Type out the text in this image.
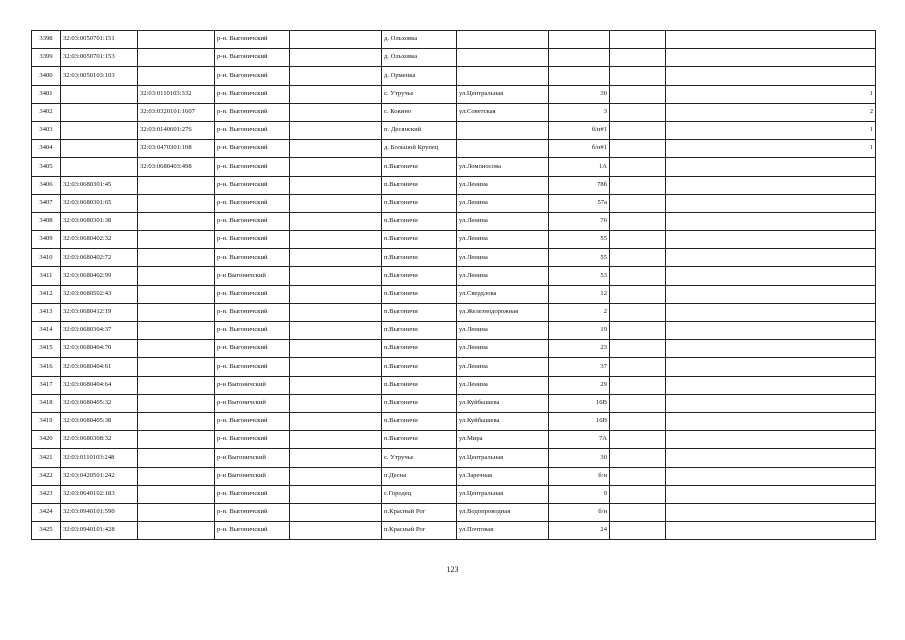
3398	32:03:0050701:151		р-н. Выгоничский		д. Ольховка				
3399	32:03:0050701:153		р-н. Выгоничский		д. Ольховка				
3400	32:03:0050103:103		р-н. Выгоничский		д. Орменка				
3401		32:03:0110103:332	р-н. Выгоничский		с. Утручье	ул.Центральная	30		1
3402		32:03:0320101:1607	р-н. Выгоничский		с. Кокино	ул.Советская	3		2
3403		32:03:0140601:276	р-н. Выгоничский		п. Десянский		б/н#1		1
3404		32:03:0470301:108	р-н. Выгоничский		д. Большой Крупец		б/н#1		1
3405		32:03:0680403:498	р-н. Выгоничский		п.Выгоничи	ул.Ломоносова	1А		
3406	32:03:0680301:45		р-н. Выгоничский		п.Выгоничи	ул.Ленина	78б		
3407	32:03:0680301:65		р-н. Выгоничский		п.Выгоничи	ул.Ленина	57а		
3408	32:03:0680301:38		р-н. Выгоничский		п.Выгоничи	ул.Ленина	76		
3409	32:03:0680402:32		р-н. Выгоничский		п.Выгоничи	ул.Ленина	55		
3410	32:03:0680402:72		р-н. Выгоничский		п.Выгоничи	ул.Ленина	55		
3411	32:03:0680402:99		р-н Выгоничский		п.Выгоничи	ул.Ленина	53		
3412	32:03:0680502:43		р-н. Выгоничский		п.Выгоничи	ул.Свердлова	12		
3413	32:03:0680412:19		р-н. Выгоничский		п.Выгоничи	ул.Железнодорожная	2		
3414	32:03:0680304:37		р-н. Выгоничский		п.Выгоничи	ул.Ленина	19		
3415	32:03:0680404:70		р-н. Выгоничский		п.Выгоничи	ул.Ленина	23		
3416	32:03:0680404:61		р-н. Выгоничский		п.Выгоничи	ул.Ленина	37		
3417	32:03:0680404:64		р-н Выгоничский		п.Выгоничи	ул.Ленина	29		
3418	32:03:0680405:32		р-н Выгоничский		п.Выгоничи	ул.Куйбышева	16В		
3419	32:03:0680405:38		р-н. Выгоничский		п.Выгоничи	ул.Куйбышева	16В		
3420	32:03:0680308:32		р-н. Выгоничский		п.Выгоничи	ул.Мира	7А		
3421	32:03:0110103:248		р-н Выгоничский		с. Утручье	ул.Центральная	30		
3422	32:03:0420501:242		р-н Выгоничский		п.Десна	ул.Заречная	б/н		
3423	32:03:0640102:183		р-н. Выгоничский		с.Городец	ул.Центральная	9		
3424	32:03:0940101:590		р-н. Выгоничский		п.Красный Рог	ул.Водопроводная	б/н		
3425	32:03:0940101:428		р-н. Выгоничский		п.Красный Рог	ул.Почтовая	24		
123
